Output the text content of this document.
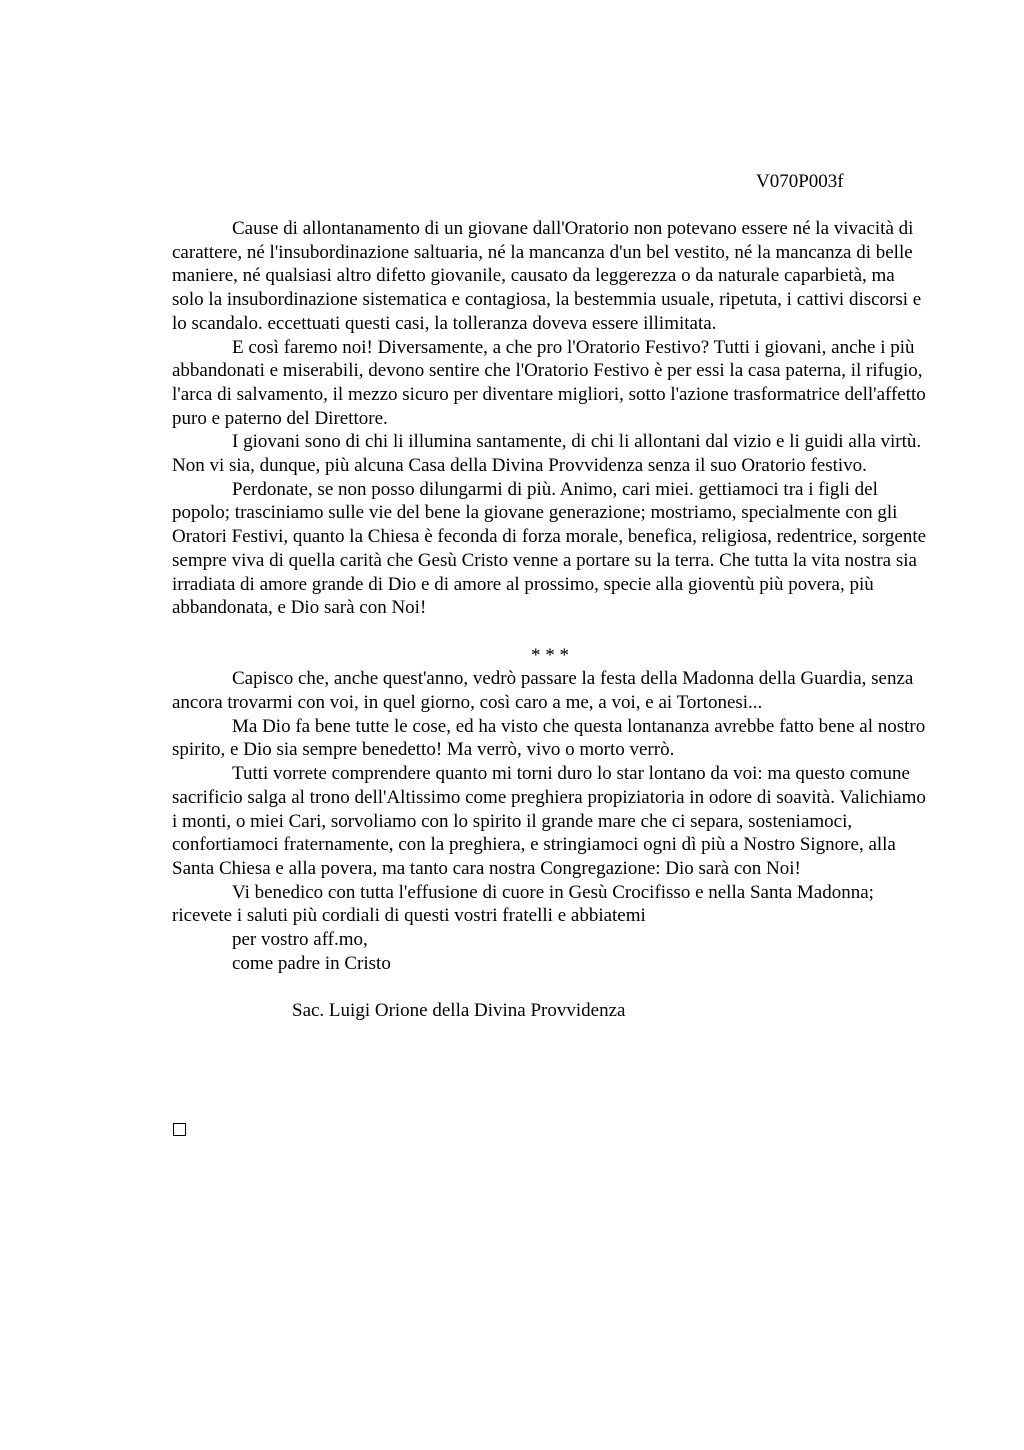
V070P003f

Cause di allontanamento di un giovane dall'Oratorio non potevano essere né la vivacità di carattere, né l'insubordinazione saltuaria, né la mancanza d'un bel vestito, né la mancanza di belle maniere, né qualsiasi altro difetto giovanile, causato da leggerezza o da naturale caparbietà, ma solo la insubordinazione sistematica e contagiosa, la bestemmia usuale, ripetuta, i cattivi discorsi e lo scandalo. eccettuati questi casi, la tolleranza doveva essere illimitata.

E così faremo noi! Diversamente, a che pro l'Oratorio Festivo? Tutti i giovani, anche i più abbandonati e miserabili, devono sentire che l'Oratorio Festivo è per essi la casa paterna, il rifugio, l'arca di salvamento, il mezzo sicuro per diventare migliori, sotto l'azione trasformatrice dell'affetto puro e paterno del Direttore.

I giovani sono di chi li illumina santamente, di chi li allontani dal vizio e li guidi alla virtù. Non vi sia, dunque, più alcuna Casa della Divina Provvidenza senza il suo Oratorio festivo.

Perdonate, se non posso dilungarmi di più. Animo, cari miei. gettiamoci tra i figli del popolo; trasciniamo sulle vie del bene la giovane generazione; mostriamo, specialmente con gli Oratori Festivi, quanto la Chiesa è feconda di forza morale, benefica, religiosa, redentrice, sorgente sempre viva di quella carità che Gesù Cristo venne a portare su la terra. Che tutta la vita nostra sia irradiata di amore grande di Dio e di amore al prossimo, specie alla gioventù più povera, più abbandonata, e Dio sarà con Noi!

* * *

Capisco che, anche quest'anno, vedrò passare la festa della Madonna della Guardia, senza ancora trovarmi con voi, in quel giorno, così caro a me, a voi, e ai Tortonesi...

Ma Dio fa bene tutte le cose, ed ha visto che questa lontananza avrebbe fatto bene al nostro spirito, e Dio sia sempre benedetto! Ma verrò, vivo o morto verrò.

Tutti vorrete comprendere quanto mi torni duro lo star lontano da voi: ma questo comune sacrificio salga al trono dell'Altissimo come preghiera propiziatoria in odore di soavità. Valichiamo i monti, o miei Cari, sorvoliamo con lo spirito il grande mare che ci separa, sosteniamoci, confortiamoci fraternamente, con la preghiera, e stringiamoci ogni dì più a Nostro Signore, alla Santa Chiesa e alla povera, ma tanto cara nostra Congregazione: Dio sarà con Noi!

Vi benedico con tutta l'effusione di cuore in Gesù Crocifisso e nella Santa Madonna; ricevete i saluti più cordiali di questi vostri fratelli e abbiatemi

per vostro aff.mo,

come padre in Cristo

Sac. Luigi Orione della Divina Provvidenza
